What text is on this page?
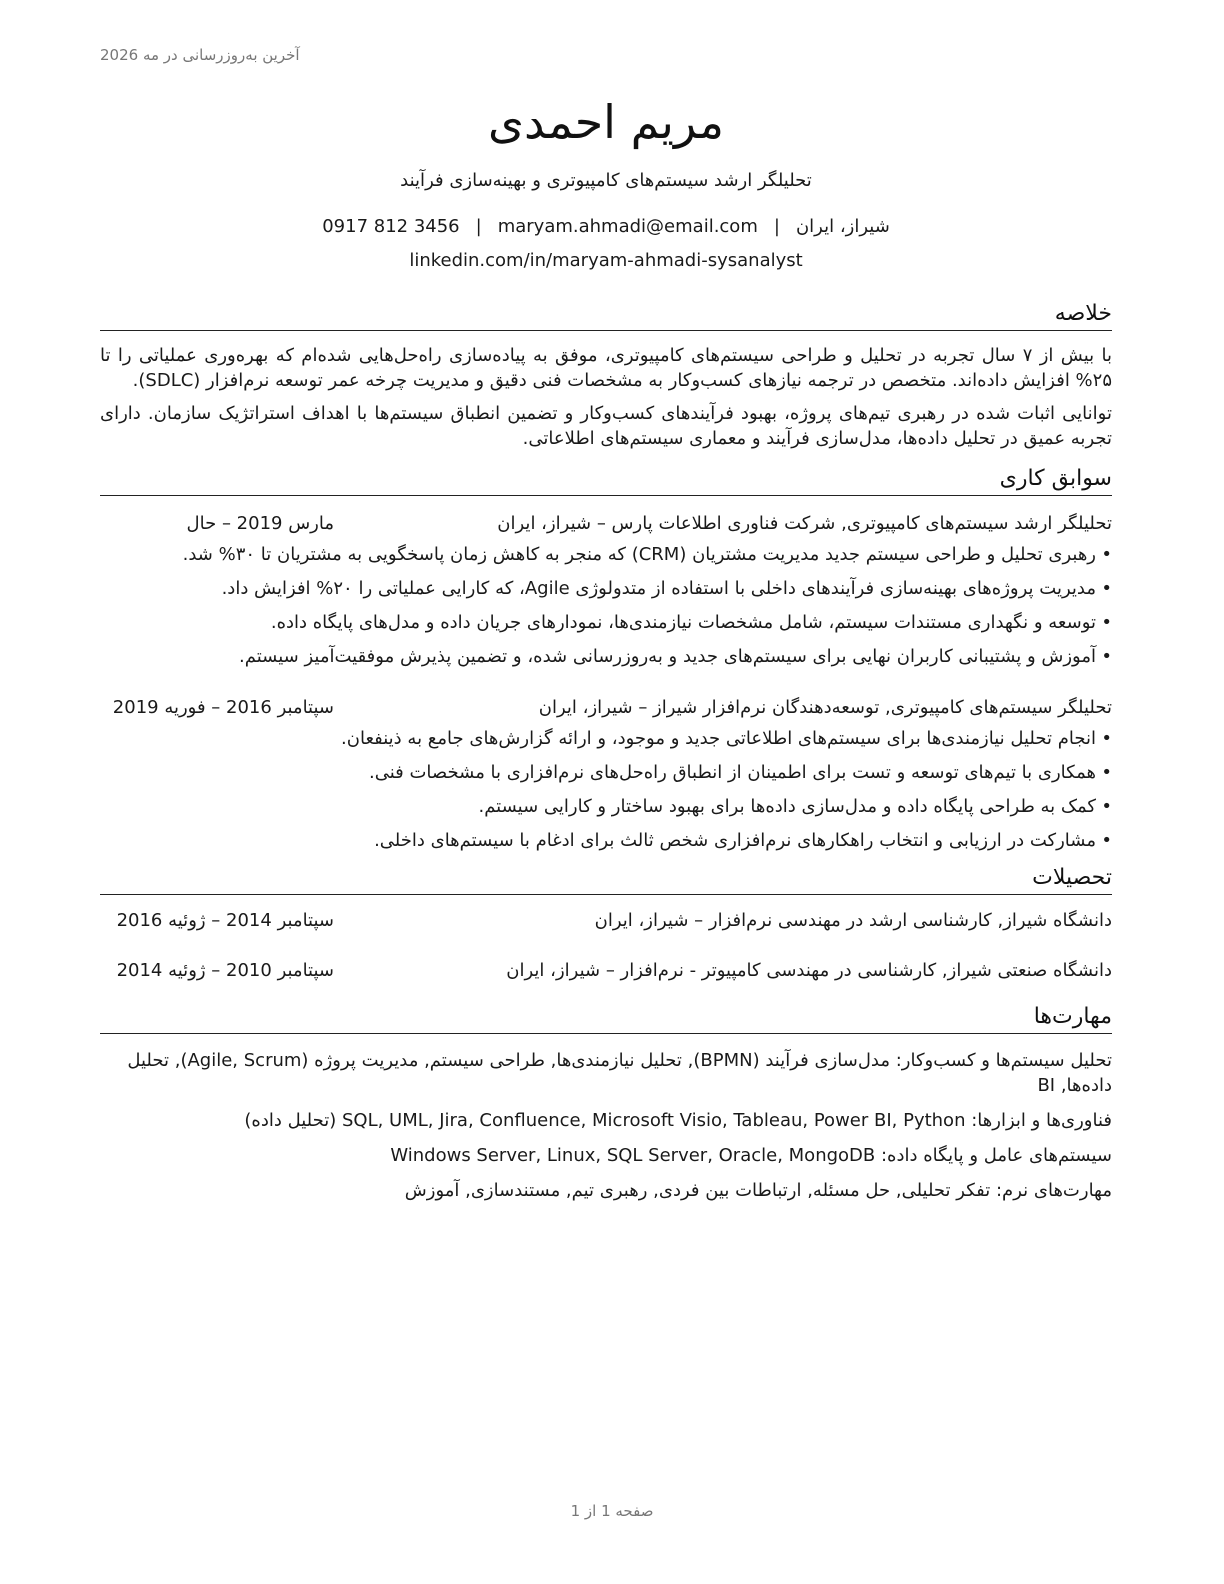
آخرین به‌روزرسانی در مه 2026
مریم احمدی
تحلیلگر ارشد سیستم‌های کامپیوتری و بهینه‌سازی فرآیند
شیراز، ایران|maryam.ahmadi@email.com|0917 812 3456
linkedin.com/in/maryam-ahmadi-sysanalyst
خلاصه

با بیش از ۷ سال تجربه در تحلیل و طراحی سیستم‌های کامپیوتری، موفق به پیاده‌سازی راه‌حل‌هایی شده‌ام که بهره‌وری عملیاتی را تا ۲۵% افزایش داده‌اند. متخصص در ترجمه نیازهای کسب‌وکار به مشخصات فنی دقیق و مدیریت چرخه عمر توسعه نرم‌افزار (SDLC).

توانایی اثبات شده در رهبری تیم‌های پروژه، بهبود فرآیندهای کسب‌وکار و تضمین انطباق سیستم‌ها با اهداف استراتژیک سازمان. دارای تجربه عمیق در تحلیل داده‌ها، مدل‌سازی فرآیند و معماری سیستم‌های اطلاعاتی.

سوابق کاری
تحلیلگر ارشد سیستم‌های کامپیوتری, شرکت فناوری اطلاعات پارس – شیراز، ایران
مارس 2019 – حال
• رهبری تحلیل و طراحی سیستم جدید مدیریت مشتریان (CRM) که منجر به کاهش زمان پاسخگویی به مشتریان تا ۳۰% شد.
• مدیریت پروژه‌های بهینه‌سازی فرآیندهای داخلی با استفاده از متدولوژی Agile، که کارایی عملیاتی را ۲۰% افزایش داد.
• توسعه و نگهداری مستندات سیستم، شامل مشخصات نیازمندی‌ها، نمودارهای جریان داده و مدل‌های پایگاه داده.
• آموزش و پشتیبانی کاربران نهایی برای سیستم‌های جدید و به‌روزرسانی شده، و تضمین پذیرش موفقیت‌آمیز سیستم.
تحلیلگر سیستم‌های کامپیوتری, توسعه‌دهندگان نرم‌افزار شیراز – شیراز، ایران
سپتامبر 2016 – فوریه 2019
• انجام تحلیل نیازمندی‌ها برای سیستم‌های اطلاعاتی جدید و موجود، و ارائه گزارش‌های جامع به ذینفعان.
• همکاری با تیم‌های توسعه و تست برای اطمینان از انطباق راه‌حل‌های نرم‌افزاری با مشخصات فنی.
• کمک به طراحی پایگاه داده و مدل‌سازی داده‌ها برای بهبود ساختار و کارایی سیستم.
• مشارکت در ارزیابی و انتخاب راهکارهای نرم‌افزاری شخص ثالث برای ادغام با سیستم‌های داخلی.
تحصیلات
دانشگاه شیراز, کارشناسی ارشد در مهندسی نرم‌افزار – شیراز، ایران
سپتامبر 2014 – ژوئیه 2016
دانشگاه صنعتی شیراز, کارشناسی در مهندسی کامپیوتر - نرم‌افزار – شیراز، ایران
سپتامبر 2010 – ژوئیه 2014
مهارت‌ها

تحلیل سیستم‌ها و کسب‌وکار: مدل‌سازی فرآیند (BPMN), تحلیل نیازمندی‌ها, طراحی سیستم, مدیریت پروژه (Agile, Scrum), تحلیل داده‌ها, BI

فناوری‌ها و ابزارها: SQL, UML, Jira, Confluence, Microsoft Visio, Tableau, Power BI, Python (تحلیل داده)

سیستم‌های عامل و پایگاه داده: Windows Server, Linux, SQL Server, Oracle, MongoDB

مهارت‌های نرم: تفکر تحلیلی, حل مسئله, ارتباطات بین فردی, رهبری تیم, مستندسازی, آموزش

صفحه 1 از 1
